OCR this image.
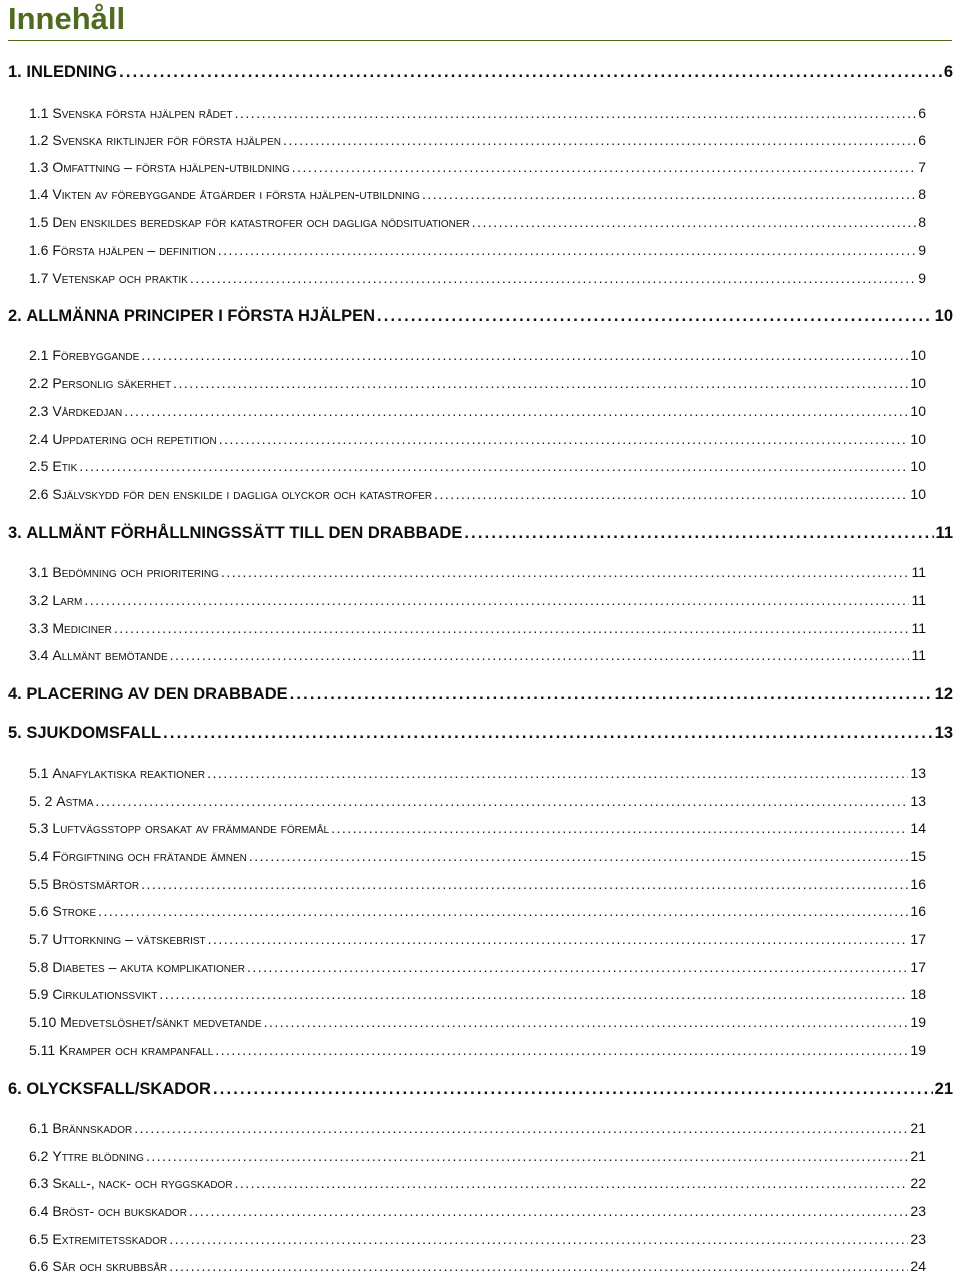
Innehåll
1. INLEDNING . . .	6
1.1 Svenska första hjälpen rådet . . .	6
1.2 Svenska riktlinjer för första hjälpen . . .	6
1.3 Omfattning – första hjälpen-utbildning . . .	7
1.4 Vikten av förebyggande åtgärder i första hjälpen-utbildning . . .	8
1.5 Den enskildes beredskap för katastrofer och dagliga nödsituationer . . .	8
1.6 Första hjälpen – definition . . .	9
1.7 Vetenskap och praktik . . .	9
2. ALLMÄNNA PRINCIPER I FÖRSTA HJÄLPEN . . .	10
2.1 Förebyggande . . .	10
2.2 Personlig säkerhet . . .	10
2.3 Vårdkedjan . . .	10
2.4 Uppdatering och repetition . . .	10
2.5 Etik . . .	10
2.6 Självskydd för den enskilde i dagliga olyckor och katastrofer . . .	10
3. ALLMÄNT FÖRHÅLLNINGSSÄTT TILL DEN DRABBADE . . .	11
3.1 Bedömning och prioritering . . .	11
3.2 Larm . . .	11
3.3 Mediciner . . .	11
3.4 Allmänt bemötande . . .	11
4. PLACERING AV DEN DRABBADE . . .	12
5. SJUKDOMSFALL . . .	13
5.1 Anafylaktiska reaktioner . . .	13
5. 2 Astma . . .	13
5.3 Luftvägsstopp orsakat av främmande föremål . . .	14
5.4 Förgiftning och frätande ämnen . . .	15
5.5 Bröstsmärtor . . .	16
5.6 Stroke . . .	16
5.7 Uttorkning – vätskebrist . . .	17
5.8 Diabetes – akuta komplikationer . . .	17
5.9 Cirkulationssvikt . . .	18
5.10 Medvetslöshet/sänkt medvetande . . .	19
5.11 Kramper och krampanfall . . .	19
6. OLYCKSFALL/SKADOR . . .	21
6.1 Brännskador . . .	21
6.2 Yttre blödning . . .	21
6.3 Skall-, nack- och ryggskador . . .	22
6.4 Bröst- och bukskador . . .	23
6.5 Extremitetsskador . . .	23
6.6 Sår och skrubbsår . . .	24
